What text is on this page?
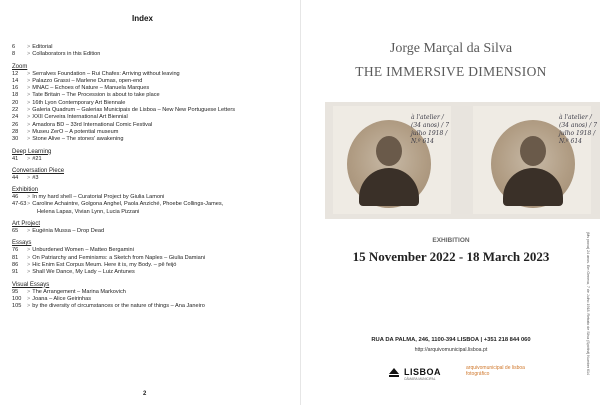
Index
6	> Editorial
8	> Collaborators in this Edition
Zoom
12	> Serralves Foundation – Rui Chafes: Arriving without leaving
14	> Palazzo Grassi – Marlene Dumas, open-end
16	> MNAC – Echoes of Nature – Manuela Marques
18	> Tate Britain – The Procession is about to take place
20	> 16th Lyon Contemporary Art Biennale
22	> Galeria Quadrum – Galerias Municipais de Lisboa – New New Portuguese Letters
24	> XXII Cerveira International Art Biennial
26	> Amadora BD – 33rd International Comic Festival
28	> Museu ZerO – A potential museum
30	> Stone Alive – The stones' awakening
Deep Learning
41	> #21
Conversation Piece
44	> #3
Exhibition
46	> In my hard shell – Curatorial Project by Giulia Lamoni
47-63 > Caroline Achaintre, Golgona Anghel, Paola Anziché, Phoebe Collings-James,
Helena Lapas, Vivian Lynn, Lucia Pizzani
Art Project
65	> Eugénia Mussa – Drop Dead
Essays
76	> Unburdened Women – Matteo Bergamini
81	> On Patriarchy and Feminisms: a Sketch from Naples – Giulia Damiani
86	> Hic Enim Est Corpus Meum. Here it is, my Body. – pê feijó
91	> Shall We Dance, My Lady – Luiz Antunes
Visual Essays
95	> The Arrangement – Marina Markovich
100	> Joana – Alice Geirinhas
105	> by the diversity of circumstances or the nature of things – Ana Janeiro
2
Jorge Marçal da Silva
THE IMMERSIVE DIMENSION
à l'atelier / (34 anos) / 7 julho 1918 / N.º 614
à l'atelier / (34 anos) / 7 julho 1918 / N.º 614
EXHIBITION
15 November 2022 - 18 March 2023
RUA DA PALMA, 246, 1100-394 LISBOA | +351 218 844 060
http://arquivomunicipal.lisboa.pt
LISBOA
CÂMARA MUNICIPAL
arquivomunicipal de lisboa
fotográfico	(Ms prova) 24 anos. Em Geneva, 7 de Julho 1918. Retrato de Silva (Spiritist) Number 614
